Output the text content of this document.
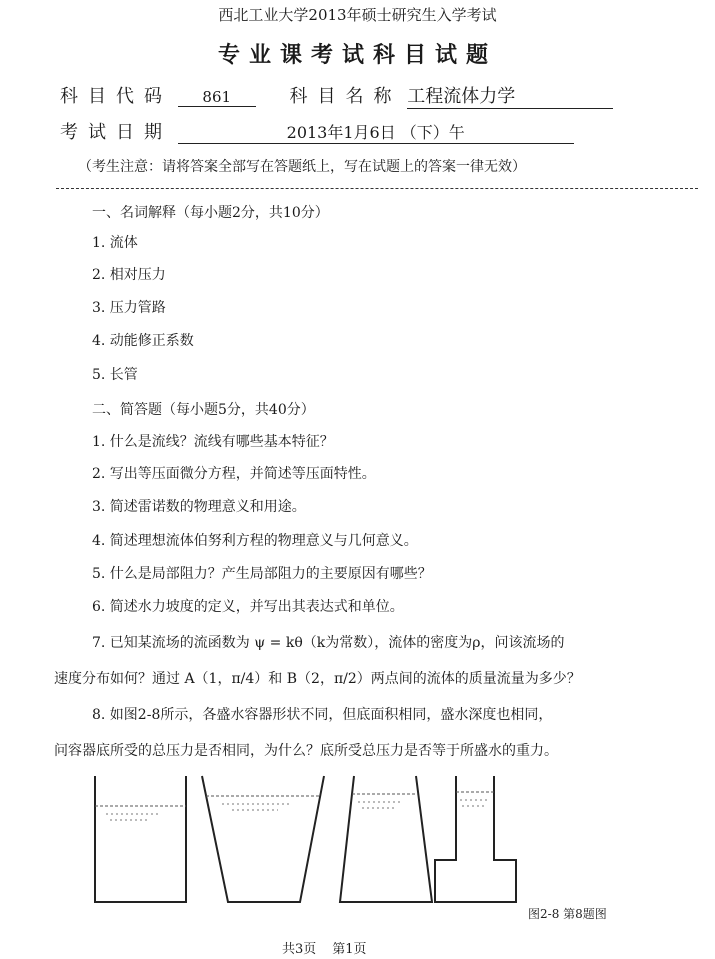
西北工业大学2013年硕士研究生入学考试
专业课考试科目试题
科目代码 861	科目名称 工程流体力学
考试日期	2013年1月6日 （下）午
（考生注意：请将答案全部写在答题纸上，写在试题上的答案一律无效）
一、名词解释（每小题2分，共10分）
1. 流体
2. 相对压力
3. 压力管路
4. 动能修正系数
5. 长管
二、简答题（每小题5分，共40分）
1. 什么是流线？流线有哪些基本特征？
2. 写出等压面微分方程，并简述等压面特性。
3. 简述雷诺数的物理意义和用途。
4. 简述理想流体伯努利方程的物理意义与几何意义。
5. 什么是局部阻力？产生局部阻力的主要原因有哪些？
6. 简述水力坡度的定义，并写出其表达式和单位。
7. 已知某流场的流函数为 ψ = kθ（k为常数），流体的密度为ρ，问该流场的
速度分布如何？通过 A（1，π/4）和 B（2，π/2）两点间的流体的质量流量为多少？
8. 如图2-8所示，各盛水容器形状不同，但底面积相同，盛水深度也相同，
问容器底所受的总压力是否相同，为什么？底所受总压力是否等于所盛水的重力。
图2-8 第8题图
共3页 第1页
